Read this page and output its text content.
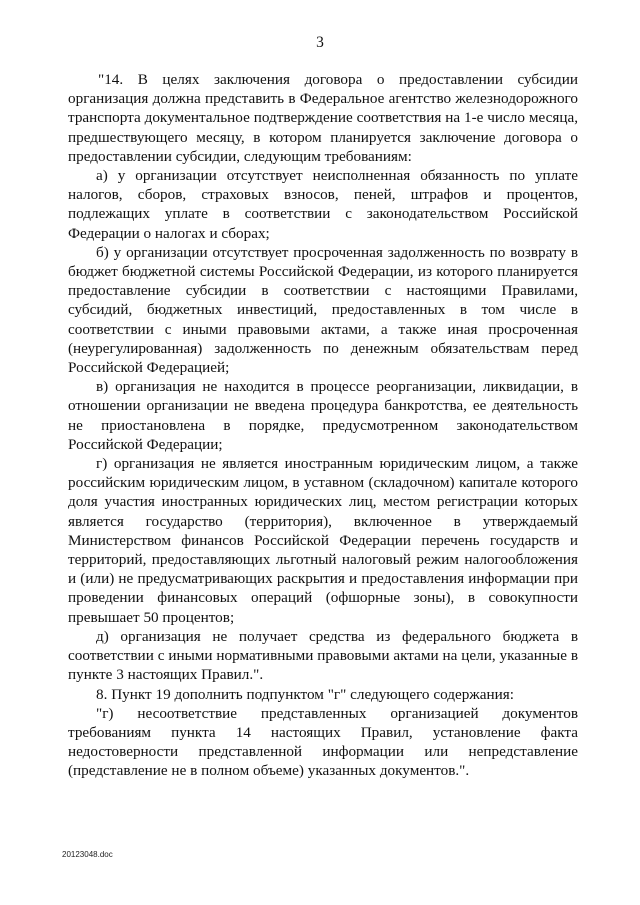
3

"14. В целях заключения договора о предоставлении субсидии организация должна представить в Федеральное агентство железнодорожного транспорта документальное подтверждение соответствия на 1-е число месяца, предшествующего месяцу, в котором планируется заключение договора о предоставлении субсидии, следующим требованиям:

а) у организации отсутствует неисполненная обязанность по уплате налогов, сборов, страховых взносов, пеней, штрафов и процентов, подлежащих уплате в соответствии с законодательством Российской Федерации о налогах и сборах;

б) у организации отсутствует просроченная задолженность по возврату в бюджет бюджетной системы Российской Федерации, из которого планируется предоставление субсидии в соответствии с настоящими Правилами, субсидий, бюджетных инвестиций, предоставленных в том числе в соответствии с иными правовыми актами, а также иная просроченная (неурегулированная) задолженность по денежным обязательствам перед Российской Федерацией;

в) организация не находится в процессе реорганизации, ликвидации, в отношении организации не введена процедура банкротства, ее деятельность не приостановлена в порядке, предусмотренном законодательством Российской Федерации;

г) организация не является иностранным юридическим лицом, а также российским юридическим лицом, в уставном (складочном) капитале которого доля участия иностранных юридических лиц, местом регистрации которых является государство (территория), включенное в утверждаемый Министерством финансов Российской Федерации перечень государств и территорий, предоставляющих льготный налоговый режим налогообложения и (или) не предусматривающих раскрытия и предоставления информации при проведении финансовых операций (офшорные зоны), в совокупности превышает 50 процентов;

д) организация не получает средства из федерального бюджета в соответствии с иными нормативными правовыми актами на цели, указанные в пункте 3 настоящих Правил.".

8. Пункт 19 дополнить подпунктом "г" следующего содержания:

"г) несоответствие представленных организацией документов требованиям пункта 14 настоящих Правил, установление факта недостоверности представленной информации или непредставление (представление не в полном объеме) указанных документов.".

20123048.doc
